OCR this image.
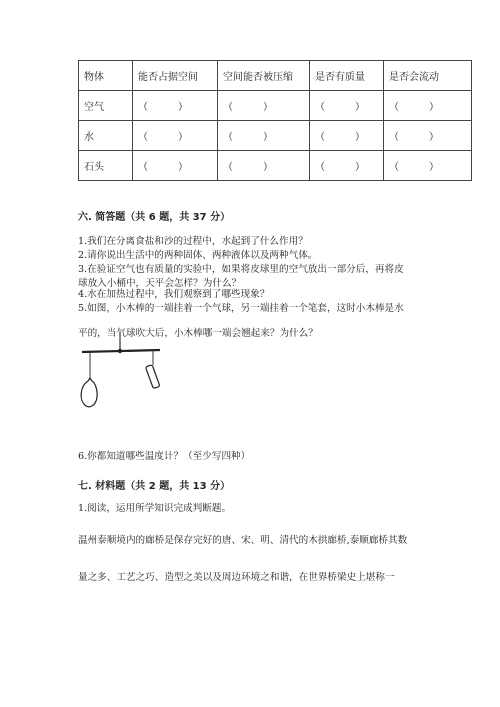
物体	能否占据空间	空间能否被压缩	是否有质量	是否会流动
空气	（　　　）	（　　　）	（　　　）	（　　　）
水	（　　　）	（　　　）	（　　　）	（　　　）
石头	（　　　）	（　　　）	（　　　）	（　　　）
六. 简答题（共 6 题，共 37 分）
1.我们在分离食盐和沙的过程中，水起到了什么作用？
2.请你说出生活中的两种固体、两种液体以及两种气体。
3.在验证空气也有质量的实验中，如果将皮球里的空气放出一部分后，再将皮
球放入小桶中，天平会怎样？为什么？
4.水在加热过程中，我们观察到了哪些现象？
5.如图，小木棒的一端挂着一个气球，另一端挂着一个笔套，这时小木棒是水
平的，当气球吹大后，小木棒哪一端会翘起来？为什么？
6.你都知道哪些温度计？（至少写四种）
七. 材料题（共 2 题，共 13 分）
1.阅读，运用所学知识完成判断题。
温州泰顺境内的廊桥是保存完好的唐、宋、明、清代的木拱廊桥,泰顺廊桥其数
量之多、工艺之巧、造型之美以及周边环境之和谐，在世界桥梁史上堪称一
